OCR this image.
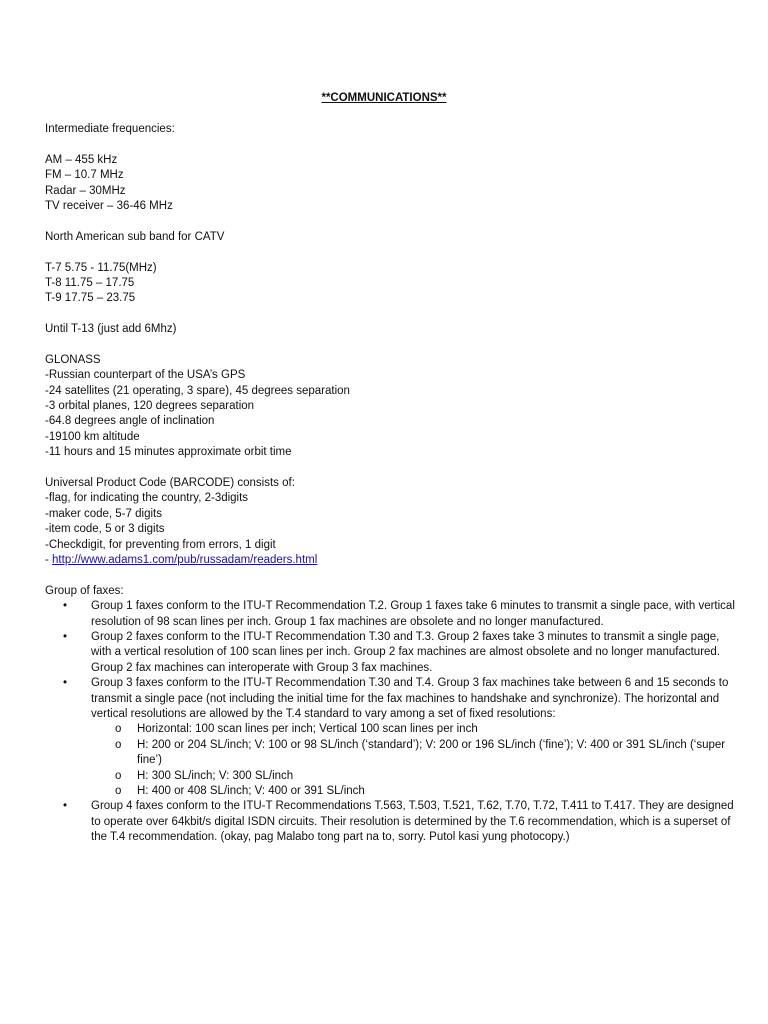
**COMMUNICATIONS**
Intermediate frequencies:
AM – 455 kHz
FM – 10.7 MHz
Radar – 30MHz
TV receiver – 36-46 MHz
North American sub band for CATV
T-7 5.75 - 11.75(MHz)
T-8 11.75 – 17.75
T-9 17.75 – 23.75
Until T-13 (just add 6Mhz)
GLONASS
-Russian counterpart of the USA’s GPS
-24 satellites (21 operating, 3 spare), 45 degrees separation
-3 orbital planes, 120 degrees separation
-64.8 degrees angle of inclination
-19100 km altitude
-11 hours and 15 minutes approximate orbit time
Universal Product Code (BARCODE) consists of:
-flag, for indicating the country, 2-3digits
-maker code, 5-7 digits
-item code, 5 or 3 digits
-Checkdigit, for preventing from errors, 1 digit
- http://www.adams1.com/pub/russadam/readers.html
Group of faxes:
• Group 1 faxes conform to the ITU-T Recommendation T.2. Group 1 faxes take 6 minutes to transmit a single pace, with vertical resolution of 98 scan lines per inch. Group 1 fax machines are obsolete and no longer manufactured.
• Group 2 faxes conform to the ITU-T Recommendation T.30 and T.3. Group 2 faxes take 3 minutes to transmit a single page, with a vertical resolution of 100 scan lines per inch. Group 2 fax machines are almost obsolete and no longer manufactured. Group 2 fax machines can interoperate with Group 3 fax machines.
• Group 3 faxes conform to the ITU-T Recommendation T.30 and T.4. Group 3 fax machines take between 6 and 15 seconds to transmit a single pace (not including the initial time for the fax machines to handshake and synchronize). The horizontal and vertical resolutions are allowed by the T.4 standard to vary among a set of fixed resolutions:
o Horizontal: 100 scan lines per inch; Vertical 100 scan lines per inch
o H: 200 or 204 SL/inch; V: 100 or 98 SL/inch (‘standard’); V: 200 or 196 SL/inch (‘fine’); V: 400 or 391 SL/inch (‘super fine’)
o H: 300 SL/inch; V: 300 SL/inch
o H: 400 or 408 SL/inch; V: 400 or 391 SL/inch
• Group 4 faxes conform to the ITU-T Recommendations T.563, T.503, T.521, T.62, T.70, T.72, T.411 to T.417. They are designed to operate over 64kbit/s digital ISDN circuits. Their resolution is determined by the T.6 recommendation, which is a superset of the T.4 recommendation. (okay, pag Malabo tong part na to, sorry. Putol kasi yung photocopy.)
